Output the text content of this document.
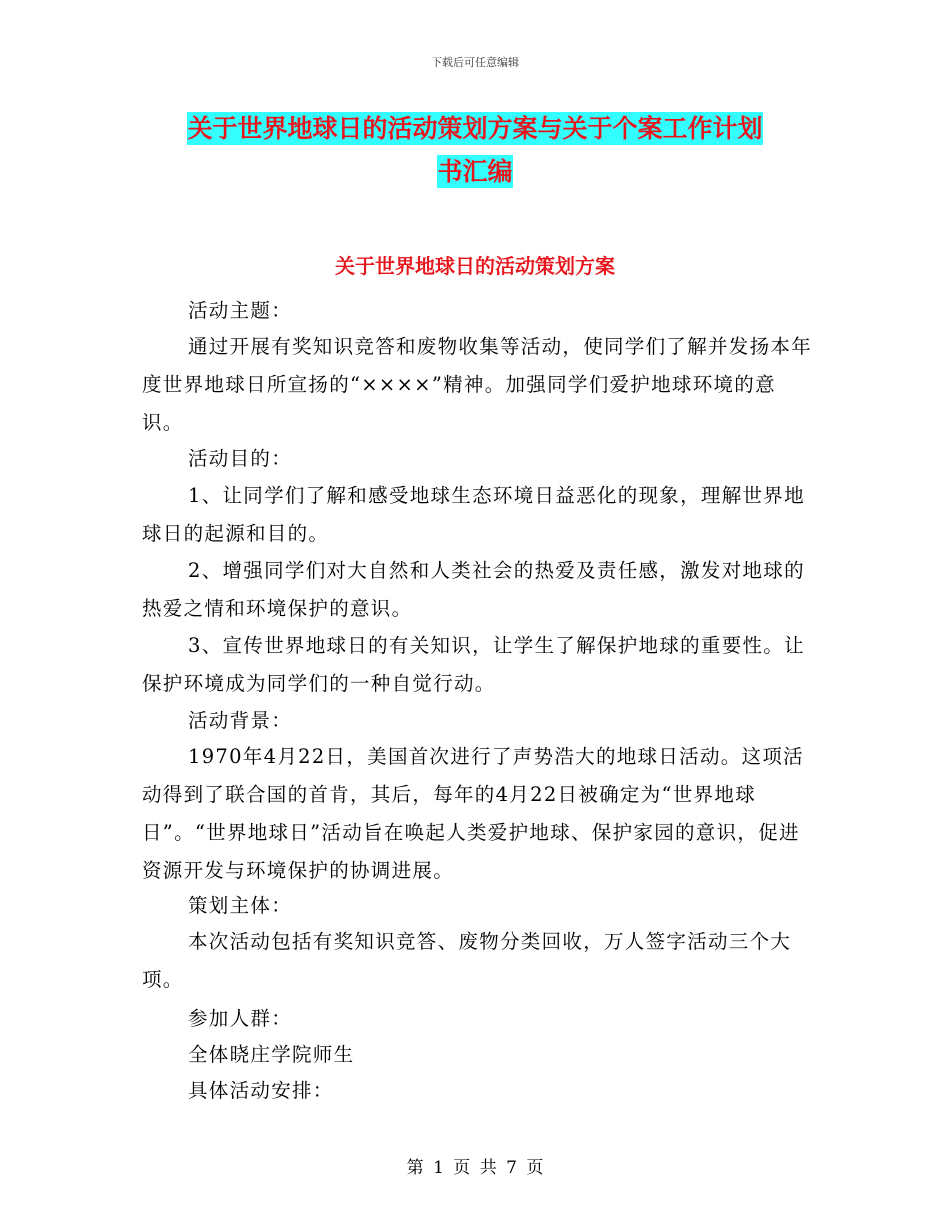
下载后可任意编辑
关于世界地球日的活动策划方案与关于个案工作计划
书汇编
关于世界地球日的活动策划方案

活动主题：

通过开展有奖知识竞答和废物收集等活动，使同学们了解并发扬本年度世界地球日所宣扬的“××××”精神。加强同学们爱护地球环境的意识。

活动目的：

1、让同学们了解和感受地球生态环境日益恶化的现象，理解世界地球日的起源和目的。

2、增强同学们对大自然和人类社会的热爱及责任感，激发对地球的热爱之情和环境保护的意识。

3、宣传世界地球日的有关知识，让学生了解保护地球的重要性。让保护环境成为同学们的一种自觉行动。

活动背景：

1970年4月22日，美国首次进行了声势浩大的地球日活动。这项活动得到了联合国的首肯，其后，每年的4月22日被确定为“世界地球日”。“世界地球日”活动旨在唤起人类爱护地球、保护家园的意识，促进资源开发与环境保护的协调进展。

策划主体：

本次活动包括有奖知识竞答、废物分类回收，万人签字活动三个大项。

参加人群：

全体晓庄学院师生

具体活动安排：

第 1 页 共 7 页
